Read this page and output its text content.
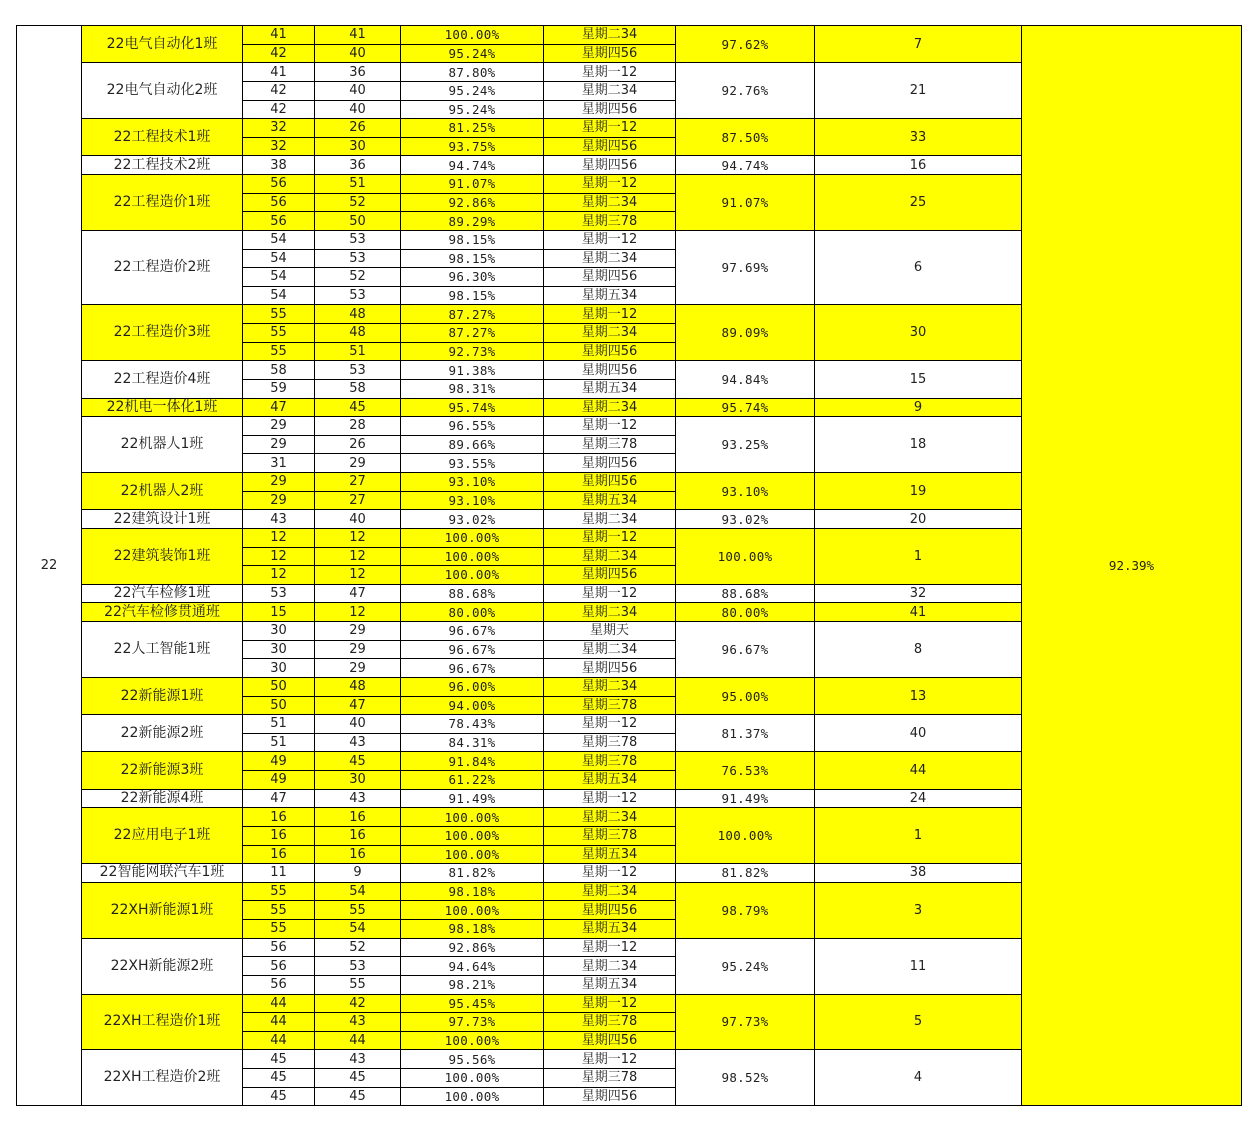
22	22电气自动化1班	41	41	100.00%	星期二34	97.62%	7	92.39%
		42	40	95.24%	星期四56			
	22电气自动化2班	41	36	87.80%	星期一12	92.76%	21	
		42	40	95.24%	星期二34			
		42	40	95.24%	星期四56			
	22工程技术1班	32	26	81.25%	星期一12	87.50%	33	
		32	30	93.75%	星期四56			
	22工程技术2班	38	36	94.74%	星期四56	94.74%	16	
	22工程造价1班	56	51	91.07%	星期一12	91.07%	25	
		56	52	92.86%	星期二34			
		56	50	89.29%	星期三78			
	22工程造价2班	54	53	98.15%	星期一12	97.69%	6	
		54	53	98.15%	星期二34			
		54	52	96.30%	星期四56			
		54	53	98.15%	星期五34			
	22工程造价3班	55	48	87.27%	星期一12	89.09%	30	
		55	48	87.27%	星期二34			
		55	51	92.73%	星期四56			
	22工程造价4班	58	53	91.38%	星期四56	94.84%	15	
		59	58	98.31%	星期五34			
	22机电一体化1班	47	45	95.74%	星期二34	95.74%	9	
	22机器人1班	29	28	96.55%	星期一12	93.25%	18	
		29	26	89.66%	星期三78			
		31	29	93.55%	星期四56			
	22机器人2班	29	27	93.10%	星期四56	93.10%	19	
		29	27	93.10%	星期五34			
	22建筑设计1班	43	40	93.02%	星期二34	93.02%	20	
	22建筑装饰1班	12	12	100.00%	星期一12	100.00%	1	
		12	12	100.00%	星期二34			
		12	12	100.00%	星期四56			
	22汽车检修1班	53	47	88.68%	星期一12	88.68%	32	
	22汽车检修贯通班	15	12	80.00%	星期二34	80.00%	41	
	22人工智能1班	30	29	96.67%	星期天	96.67%	8	
		30	29	96.67%	星期二34			
		30	29	96.67%	星期四56			
	22新能源1班	50	48	96.00%	星期二34	95.00%	13	
		50	47	94.00%	星期三78			
	22新能源2班	51	40	78.43%	星期一12	81.37%	40	
		51	43	84.31%	星期三78			
	22新能源3班	49	45	91.84%	星期三78	76.53%	44	
		49	30	61.22%	星期五34			
	22新能源4班	47	43	91.49%	星期一12	91.49%	24	
	22应用电子1班	16	16	100.00%	星期二34	100.00%	1	
		16	16	100.00%	星期三78			
		16	16	100.00%	星期五34			
	22智能网联汽车1班	11	9	81.82%	星期一12	81.82%	38	
	22XH新能源1班	55	54	98.18%	星期二34	98.79%	3	
		55	55	100.00%	星期四56			
		55	54	98.18%	星期五34			
	22XH新能源2班	56	52	92.86%	星期一12	95.24%	11	
		56	53	94.64%	星期二34			
		56	55	98.21%	星期五34			
	22XH工程造价1班	44	42	95.45%	星期一12	97.73%	5	
		44	43	97.73%	星期三78			
		44	44	100.00%	星期四56			
	22XH工程造价2班	45	43	95.56%	星期一12	98.52%	4	
		45	45	100.00%	星期三78			
		45	45	100.00%	星期四56			
